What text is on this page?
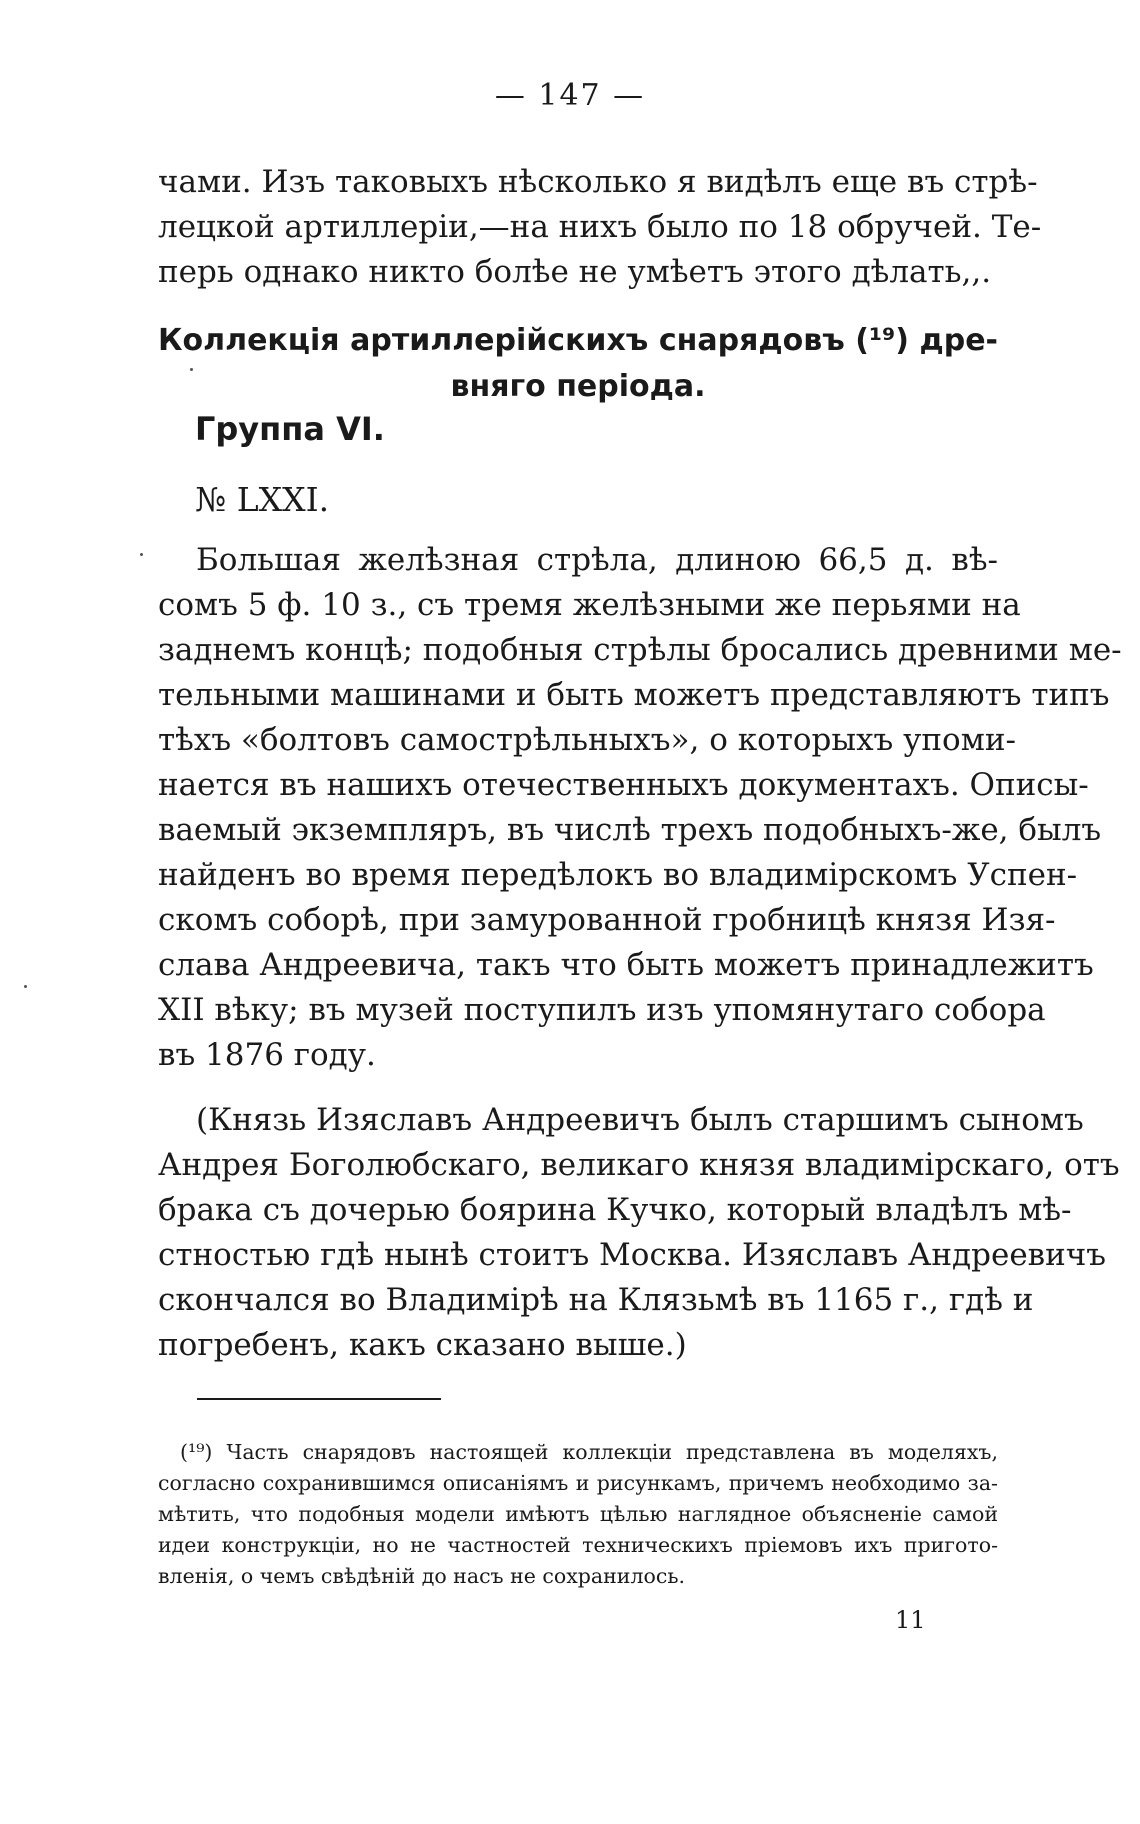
— 147 —
чами. Изъ таковыхъ нѣсколько я видѣлъ еще въ стрѣ-
лецкой артиллеріи,—на нихъ было по 18 обручей. Те-
перь однако никто болѣе не умѣетъ этого дѣлать,,.
Коллекція артиллерійскихъ снарядовъ (¹⁹) дре-
вняго періода.
Группа VI.
№ LXXI.
Большая желѣзная стрѣла, длиною 66,5 д. вѣ-
сомъ 5 ф. 10 з., съ тремя желѣзными же перьями на
заднемъ концѣ; подобныя стрѣлы бросались древними ме-
тельными машинами и быть можетъ представляютъ типъ
тѣхъ «болтовъ самострѣльныхъ», о которыхъ упоми-
нается въ нашихъ отечественныхъ документахъ. Описы-
ваемый экземпляръ, въ числѣ трехъ подобныхъ-же, былъ
найденъ во время передѣлокъ во владимірскомъ Успен-
скомъ соборѣ, при замурованной гробницѣ князя Изя-
слава Андреевича, такъ что быть можетъ принадлежитъ
XII вѣку; въ музей поступилъ изъ упомянутаго собора
въ 1876 году.
(Князь Изяславъ Андреевичъ былъ старшимъ сыномъ
Андрея Боголюбскаго, великаго князя владимірскаго, отъ
брака съ дочерью боярина Кучко, который владѣлъ мѣ-
стностью гдѣ нынѣ стоитъ Москва. Изяславъ Андреевичъ
скончался во Владимірѣ на Клязьмѣ въ 1165 г., гдѣ и
погребенъ, какъ сказано выше.)
(¹⁹) Часть снарядовъ настоящей коллекціи представлена въ моделяхъ,
согласно сохранившимся описаніямъ и рисункамъ, причемъ необходимо за-
мѣтить, что подобныя модели имѣютъ цѣлью наглядное объясненіе самой
идеи конструкціи, но не частностей техническихъ пріемовъ ихъ пригото-
вленія, о чемъ свѣдѣній до насъ не сохранилось.
11
